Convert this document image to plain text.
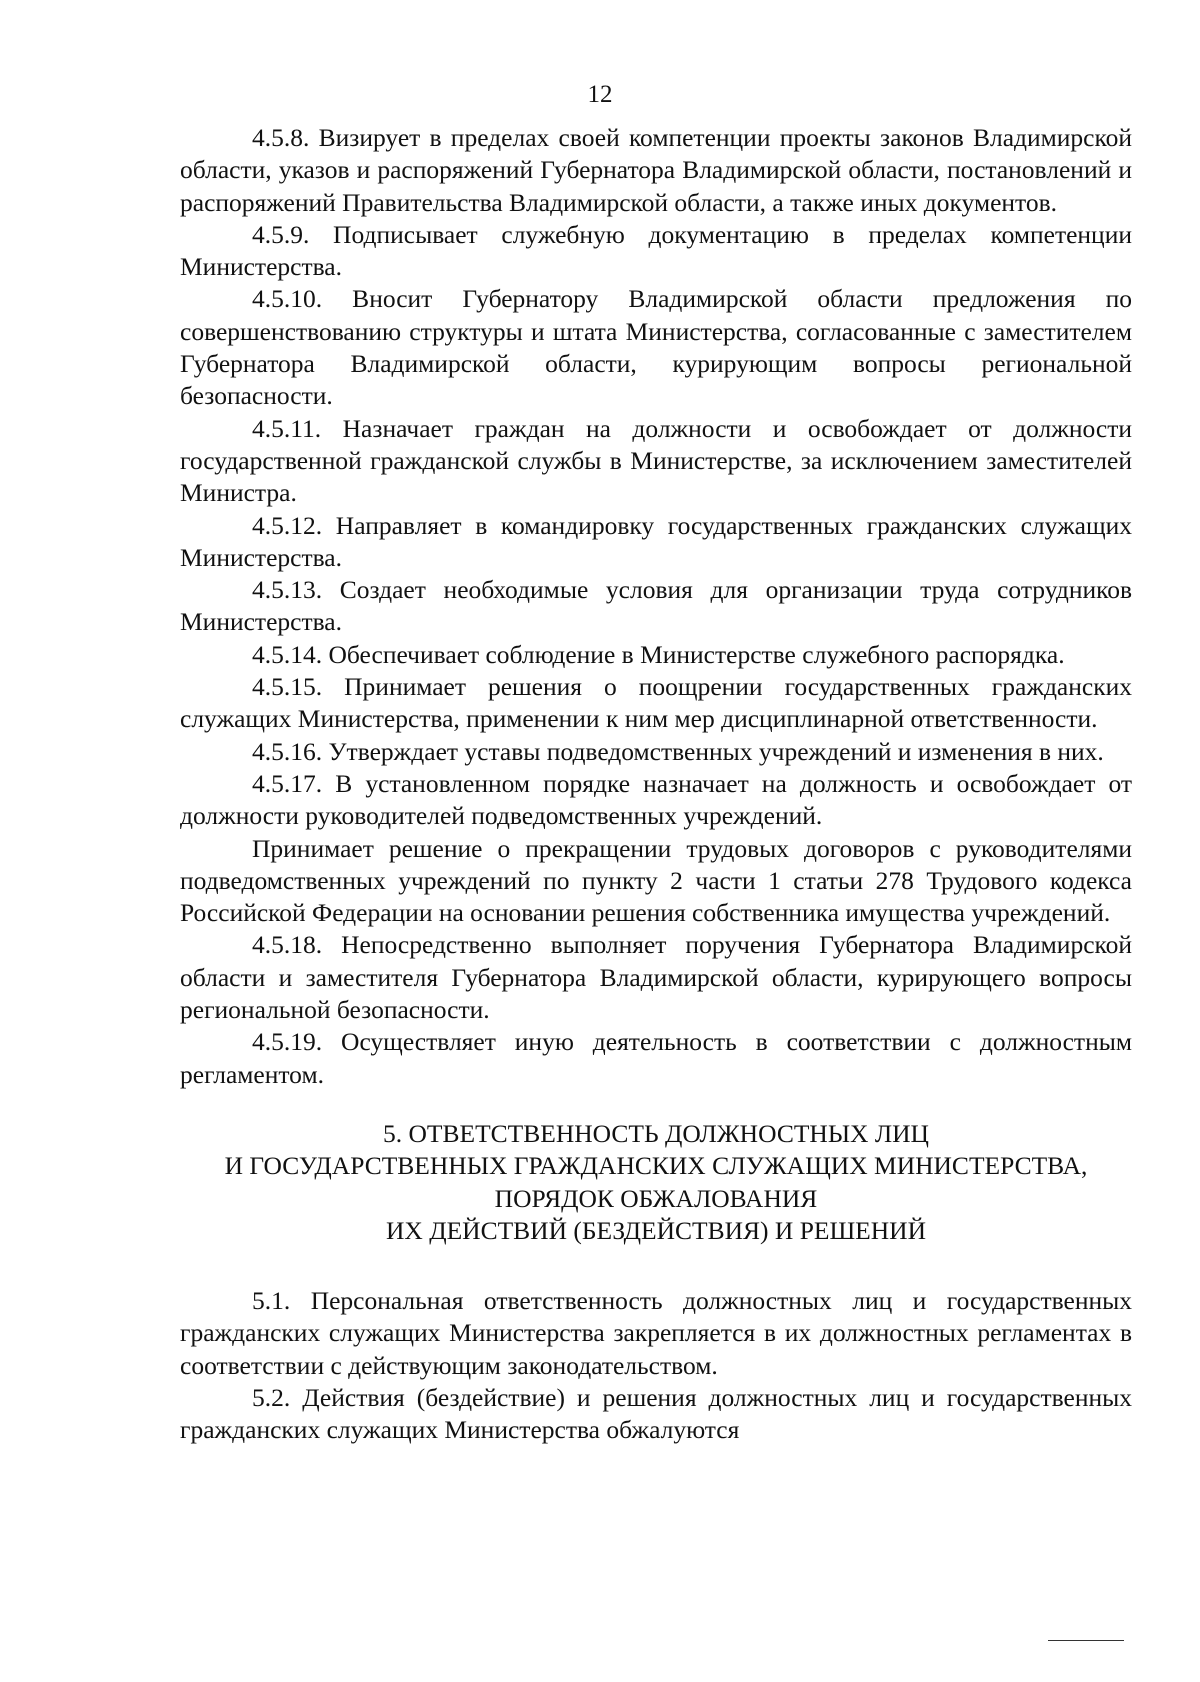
12

4.5.8. Визирует в пределах своей компетенции проекты законов Владимирской области, указов и распоряжений Губернатора Владимирской области, постановлений и распоряжений Правительства Владимирской области, а также иных документов.

4.5.9. Подписывает служебную документацию в пределах компетенции Министерства.

4.5.10. Вносит Губернатору Владимирской области предложения по совершенствованию структуры и штата Министерства, согласованные с заместителем Губернатора Владимирской области, курирующим вопросы региональной безопасности.

4.5.11. Назначает граждан на должности и освобождает от должности государственной гражданской службы в Министерстве, за исключением заместителей Министра.

4.5.12. Направляет в командировку государственных гражданских служащих Министерства.

4.5.13. Создает необходимые условия для организации труда сотрудников Министерства.

4.5.14. Обеспечивает соблюдение в Министерстве служебного распорядка.

4.5.15. Принимает решения о поощрении государственных гражданских служащих Министерства, применении к ним мер дисциплинарной ответственности.

4.5.16. Утверждает уставы подведомственных учреждений и изменения в них.

4.5.17. В установленном порядке назначает на должность и освобождает от должности руководителей подведомственных учреждений.

Принимает решение о прекращении трудовых договоров с руководителями подведомственных учреждений по пункту 2 части 1 статьи 278 Трудового кодекса Российской Федерации на основании решения собственника имущества учреждений.

4.5.18. Непосредственно выполняет поручения Губернатора Владимирской области и заместителя Губернатора Владимирской области, курирующего вопросы региональной безопасности.

4.5.19. Осуществляет иную деятельность в соответствии с должностным регламентом.

5. ОТВЕТСТВЕННОСТЬ ДОЛЖНОСТНЫХ ЛИЦ
И ГОСУДАРСТВЕННЫХ ГРАЖДАНСКИХ СЛУЖАЩИХ МИНИСТЕРСТВА,
ПОРЯДОК ОБЖАЛОВАНИЯ
ИХ ДЕЙСТВИЙ (БЕЗДЕЙСТВИЯ) И РЕШЕНИЙ

5.1. Персональная ответственность должностных лиц и государственных гражданских служащих Министерства закрепляется в их должностных регламентах в соответствии с действующим законодательством.

5.2. Действия (бездействие) и решения должностных лиц и государственных гражданских служащих Министерства обжалуются
